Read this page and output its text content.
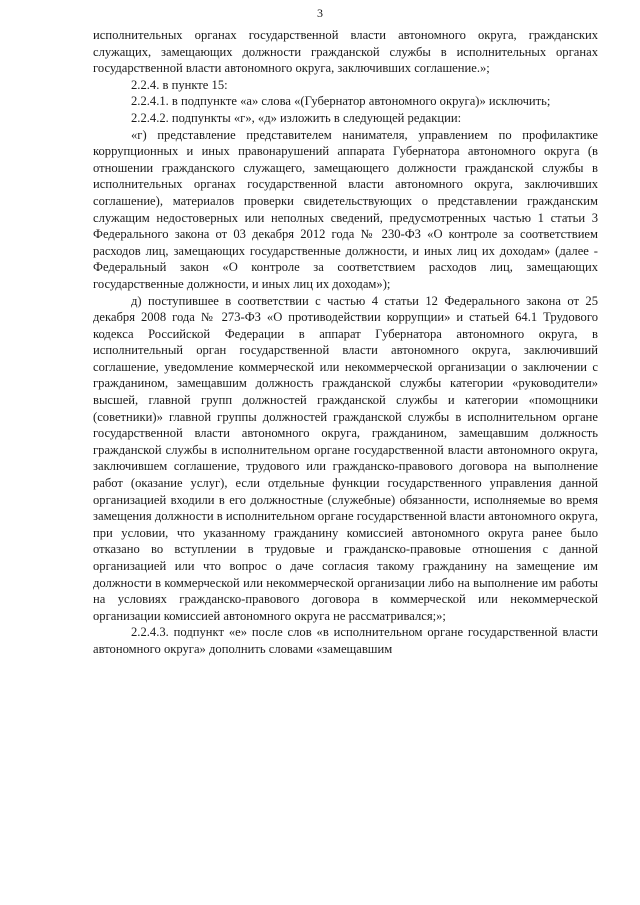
3

исполнительных органах государственной власти автономного округа, гражданских служащих, замещающих должности гражданской службы в исполнительных органах государственной власти автономного округа, заключивших соглашение.»;

2.2.4. в пункте 15:

2.2.4.1. в подпункте «а» слова «(Губернатор автономного округа)» исключить;

2.2.4.2. подпункты «г», «д» изложить в следующей редакции:

«г) представление представителем нанимателя, управлением по профилактике коррупционных и иных правонарушений аппарата Губернатора автономного округа (в отношении гражданского служащего, замещающего должности гражданской службы в исполнительных органах государственной власти автономного округа, заключивших соглашение), материалов проверки свидетельствующих о представлении гражданским служащим недостоверных или неполных сведений, предусмотренных частью 1 статьи 3 Федерального закона от 03 декабря 2012 года № 230-ФЗ «О контроле за соответствием расходов лиц, замещающих государственные должности, и иных лиц их доходам» (далее - Федеральный закон «О контроле за соответствием расходов лиц, замещающих государственные должности, и иных лиц их доходам»);

д) поступившее в соответствии с частью 4 статьи 12 Федерального закона от 25 декабря 2008 года № 273-ФЗ «О противодействии коррупции» и статьей 64.1 Трудового кодекса Российской Федерации в аппарат Губернатора автономного округа, в исполнительный орган государственной власти автономного округа, заключивший соглашение, уведомление коммерческой или некоммерческой организации о заключении с гражданином, замещавшим должность гражданской службы категории «руководители» высшей, главной групп должностей гражданской службы и категории «помощники (советники)» главной группы должностей гражданской службы в исполнительном органе государственной власти автономного округа, гражданином, замещавшим должность гражданской службы в исполнительном органе государственной власти автономного округа, заключившем соглашение, трудового или гражданско-правового договора на выполнение работ (оказание услуг), если отдельные функции государственного управления данной организацией входили в его должностные (служебные) обязанности, исполняемые во время замещения должности в исполнительном органе государственной власти автономного округа, при условии, что указанному гражданину комиссией автономного округа ранее было отказано во вступлении в трудовые и гражданско-правовые отношения с данной организацией или что вопрос о даче согласия такому гражданину на замещение им должности в коммерческой или некоммерческой организации либо на выполнение им работы на условиях гражданско-правового договора в коммерческой или некоммерческой организации комиссией автономного округа не рассматривался;»;

2.2.4.3. подпункт «е» после слов «в исполнительном органе государственной власти автономного округа» дополнить словами «замещавшим
